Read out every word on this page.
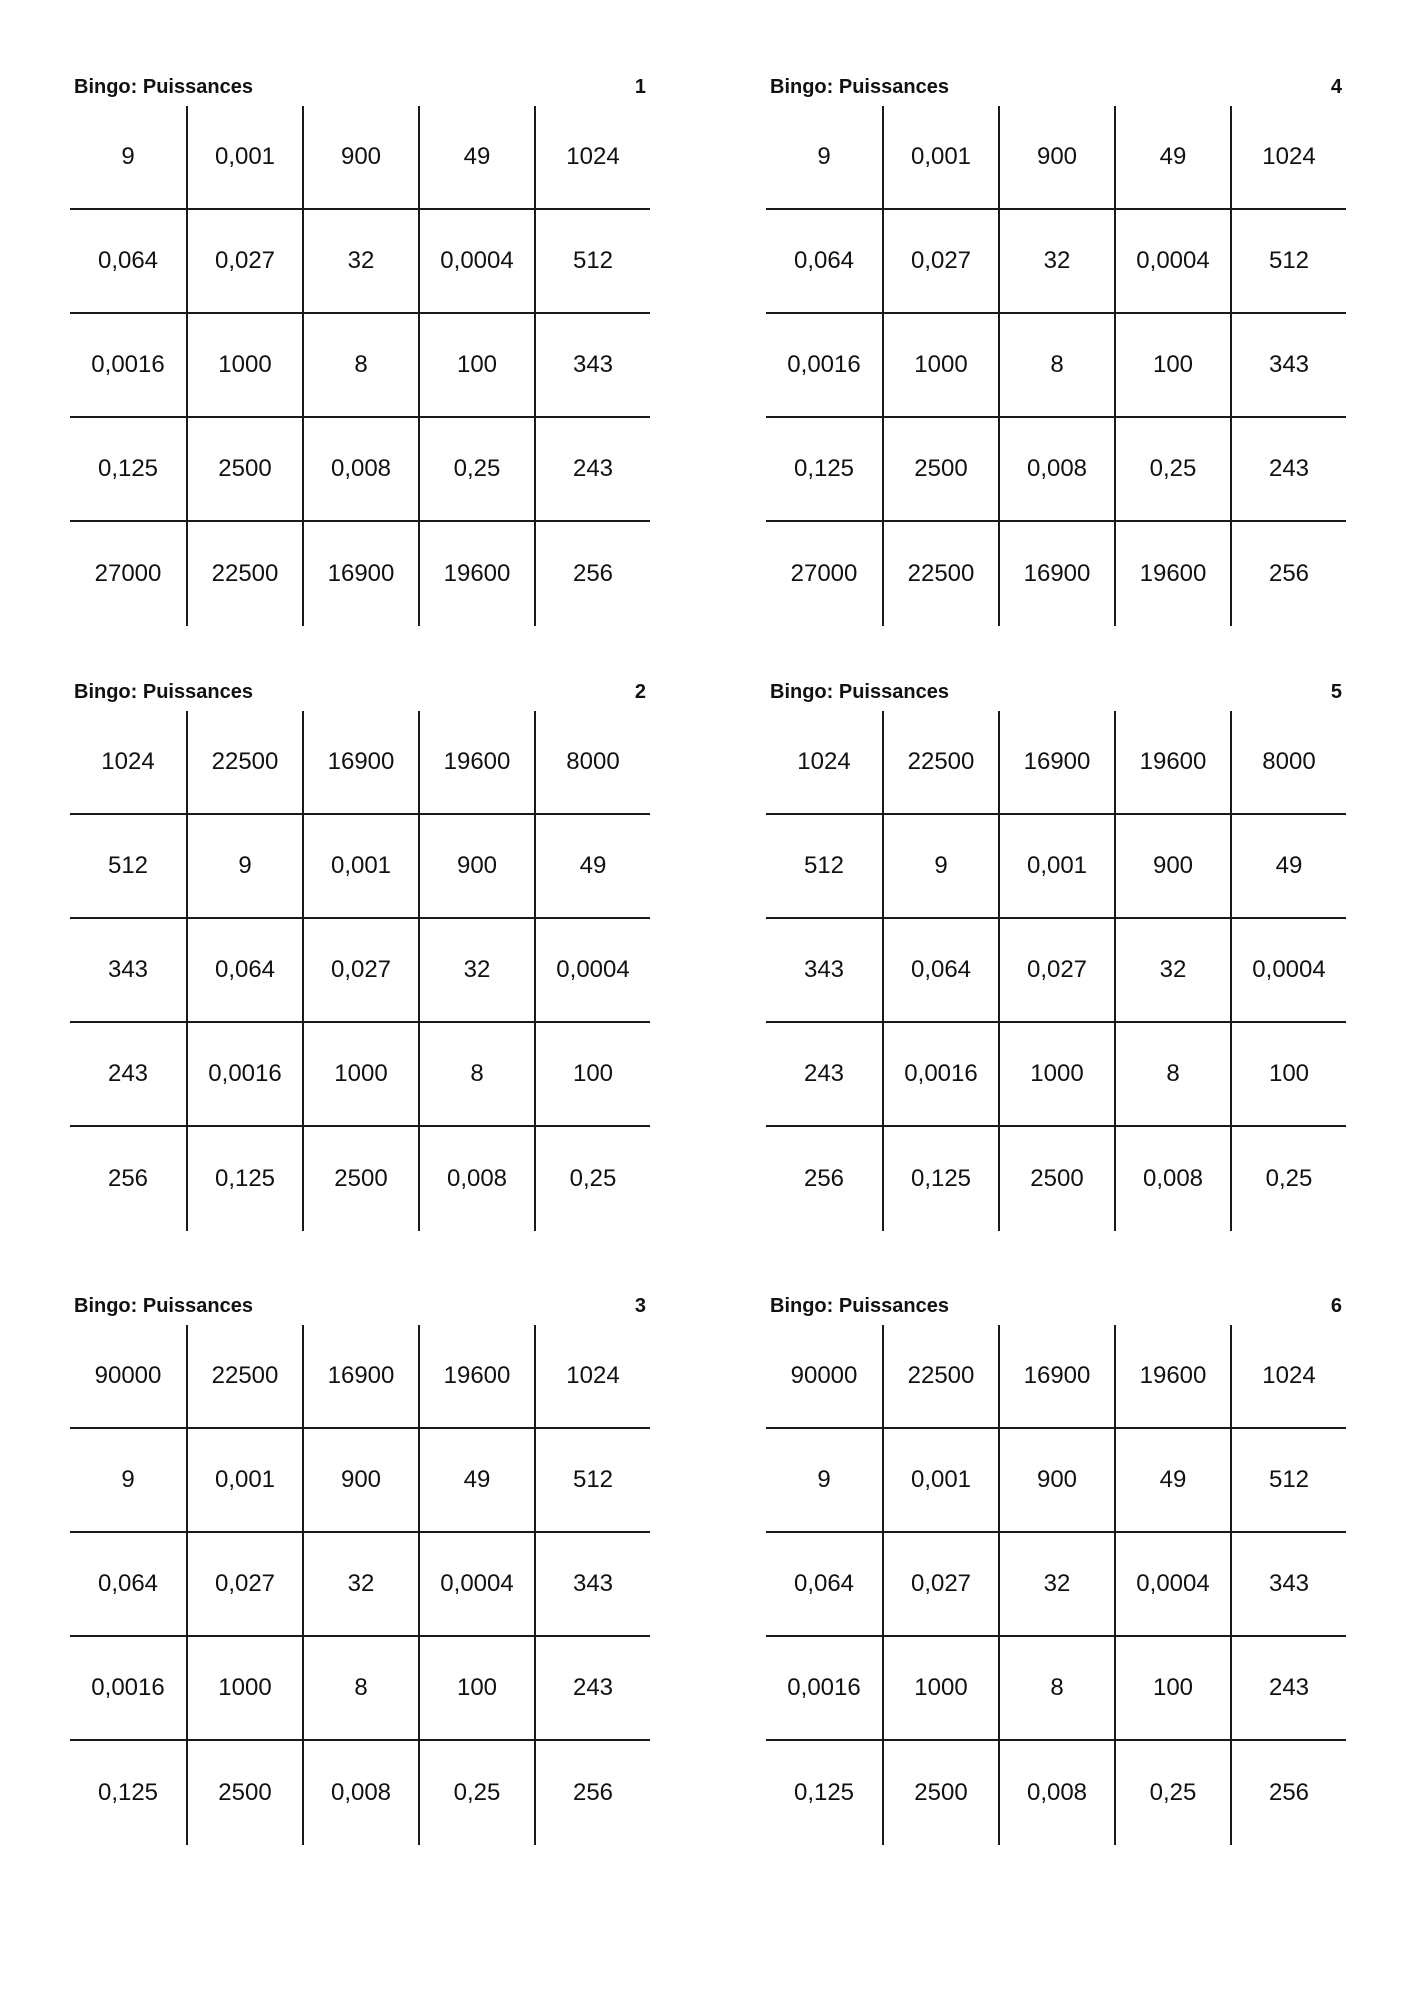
Bingo: Puissances	1
9	0,001	900	49	1024
0,064	0,027	32	0,0004	512
0,0016	1000	8	100	343
0,125	2500	0,008	0,25	243
27000	22500	16900	19600	256
Bingo: Puissances	4
9	0,001	900	49	1024
0,064	0,027	32	0,0004	512
0,0016	1000	8	100	343
0,125	2500	0,008	0,25	243
27000	22500	16900	19600	256
Bingo: Puissances	2
1024	22500	16900	19600	8000
512	9	0,001	900	49
343	0,064	0,027	32	0,0004
243	0,0016	1000	8	100
256	0,125	2500	0,008	0,25
Bingo: Puissances	5
1024	22500	16900	19600	8000
512	9	0,001	900	49
343	0,064	0,027	32	0,0004
243	0,0016	1000	8	100
256	0,125	2500	0,008	0,25
Bingo: Puissances	3
90000	22500	16900	19600	1024
9	0,001	900	49	512
0,064	0,027	32	0,0004	343
0,0016	1000	8	100	243
0,125	2500	0,008	0,25	256
Bingo: Puissances	6
90000	22500	16900	19600	1024
9	0,001	900	49	512
0,064	0,027	32	0,0004	343
0,0016	1000	8	100	243
0,125	2500	0,008	0,25	256
